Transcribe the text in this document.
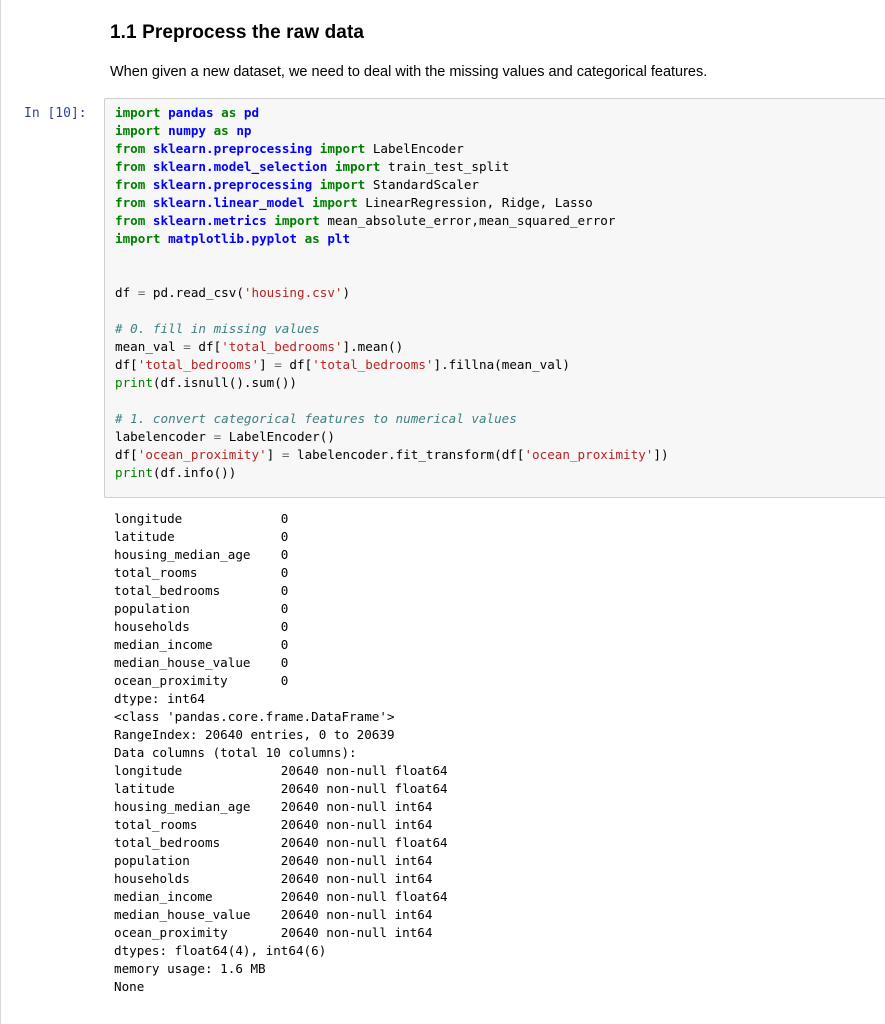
1.1 Preprocess the raw data

When given a new dataset, we need to deal with the missing values and categorical features.

In [10]: import pandas as pd
import numpy as np
from sklearn.preprocessing import LabelEncoder
from sklearn.model_selection import train_test_split
from sklearn.preprocessing import StandardScaler
from sklearn.linear_model import LinearRegression, Ridge, Lasso
from sklearn.metrics import mean_absolute_error,mean_squared_error
import matplotlib.pyplot as plt

df = pd.read_csv('housing.csv')

# 0. fill in missing values
mean_val = df['total_bedrooms'].mean()
df['total_bedrooms'] = df['total_bedrooms'].fillna(mean_val)
print(df.isnull().sum())

# 1. convert categorical features to numerical values
labelencoder = LabelEncoder()
df['ocean_proximity'] = labelencoder.fit_transform(df['ocean_proximity'])
print(df.info())
longitude             0
latitude              0
housing_median_age    0
total_rooms           0
total_bedrooms        0
population            0
households            0
median_income         0
median_house_value    0
ocean_proximity       0
dtype: int64
<class 'pandas.core.frame.DataFrame'>
RangeIndex: 20640 entries, 0 to 20639
Data columns (total 10 columns):
longitude             20640 non-null float64
latitude              20640 non-null float64
housing_median_age    20640 non-null int64
total_rooms           20640 non-null int64
total_bedrooms        20640 non-null float64
population            20640 non-null int64
households            20640 non-null int64
median_income         20640 non-null float64
median_house_value    20640 non-null int64
ocean_proximity       20640 non-null int64
dtypes: float64(4), int64(6)
memory usage: 1.6 MB
None
